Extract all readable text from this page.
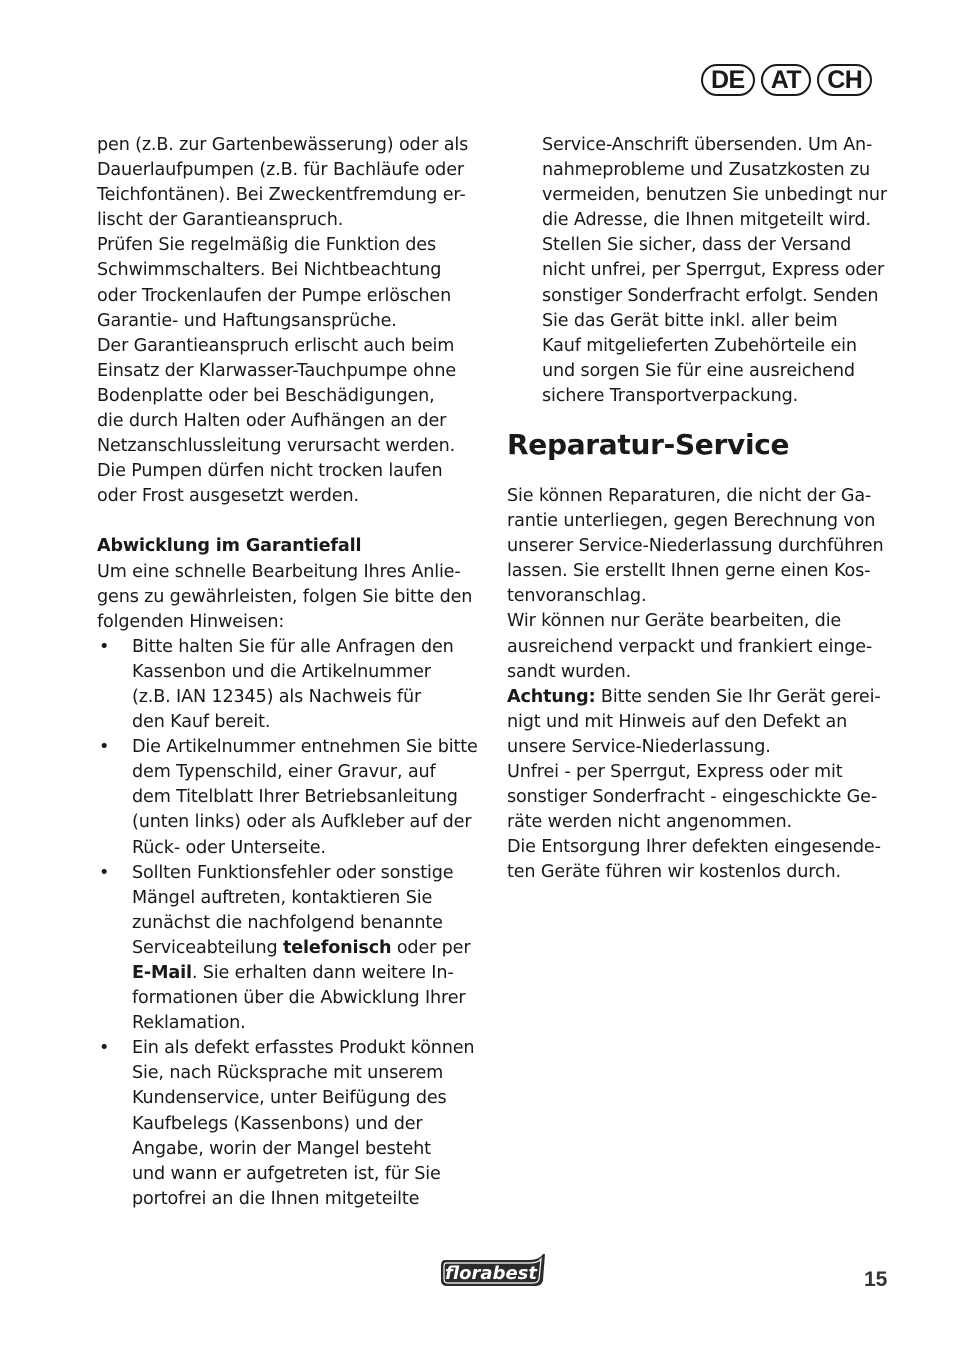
DE	AT	CH

pen (z.B. zur Gartenbewässerung) oder als
Dauerlaufpumpen (z.B. für Bachläufe oder
Teichfontänen). Bei Zweckentfremdung er-
lischt der Garantieanspruch.

Prüfen Sie regelmäßig die Funktion des
Schwimmschalters. Bei Nichtbeachtung
oder Trockenlaufen der Pumpe erlöschen
Garantie- und Haftungsansprüche.

Der Garantieanspruch erlischt auch beim
Einsatz der Klarwasser-Tauchpumpe ohne
Bodenplatte oder bei Beschädigungen,
die durch Halten oder Aufhängen an der
Netzanschlussleitung verursacht werden.

Die Pumpen dürfen nicht trocken laufen
oder Frost ausgesetzt werden.

Abwicklung im Garantiefall

Um eine schnelle Bearbeitung Ihres Anlie-
gens zu gewährleisten, folgen Sie bitte den
folgenden Hinweisen:

• Bitte halten Sie für alle Anfragen den
Kassenbon und die Artikelnummer
(z.B. IAN 12345) als Nachweis für
den Kauf bereit.
• Die Artikelnummer entnehmen Sie bitte
dem Typenschild, einer Gravur, auf
dem Titelblatt Ihrer Betriebsanleitung
(unten links) oder als Aufkleber auf der
Rück- oder Unterseite.
• Sollten Funktionsfehler oder sonstige
Mängel auftreten, kontaktieren Sie
zunächst die nachfolgend benannte
Serviceabteilung telefonisch oder per
E-Mail. Sie erhalten dann weitere In-
formationen über die Abwicklung Ihrer
Reklamation.
• Ein als defekt erfasstes Produkt können
Sie, nach Rücksprache mit unserem
Kundenservice, unter Beifügung des
Kaufbelegs (Kassenbons) und der
Angabe, worin der Mangel besteht
und wann er aufgetreten ist, für Sie
portofrei an die Ihnen mitgeteilte

Service-Anschrift übersenden. Um An-
nahmeprobleme und Zusatzkosten zu
vermeiden, benutzen Sie unbedingt nur
die Adresse, die Ihnen mitgeteilt wird.
Stellen Sie sicher, dass der Versand
nicht unfrei, per Sperrgut, Express oder
sonstiger Sonderfracht erfolgt. Senden
Sie das Gerät bitte inkl. aller beim
Kauf mitgelieferten Zubehörteile ein
und sorgen Sie für eine ausreichend
sichere Transportverpackung.

Reparatur-Service

Sie können Reparaturen, die nicht der Ga-
rantie unterliegen, gegen Berechnung von
unserer Service-Niederlassung durchführen
lassen. Sie erstellt Ihnen gerne einen Kos-
tenvoranschlag.

Wir können nur Geräte bearbeiten, die
ausreichend verpackt und frankiert einge-
sandt wurden.

Achtung: Bitte senden Sie Ihr Gerät gerei-
nigt und mit Hinweis auf den Defekt an
unsere Service-Niederlassung.

Unfrei - per Sperrgut, Express oder mit
sonstiger Sonderfracht - eingeschickte Ge-
räte werden nicht angenommen.

Die Entsorgung Ihrer defekten eingesende-
ten Geräte führen wir kostenlos durch.

florabest	15
